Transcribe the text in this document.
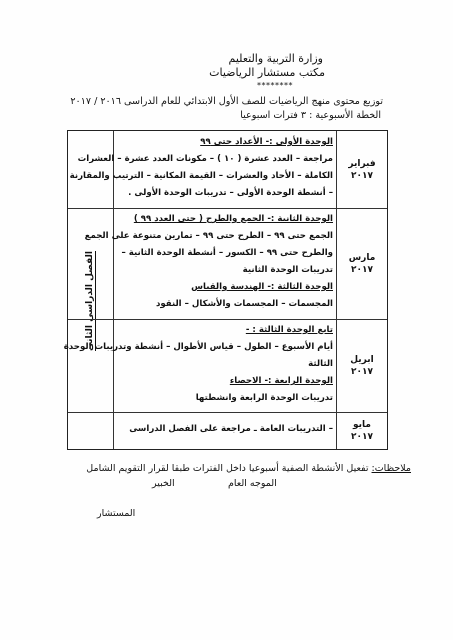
وزارة التربية والتعليم
مكتب مستشار الرياضيات
********
توزيع محتوى منهج الرياضيات للصف الأول الابتدائي للعام الدراسى ٢٠١٦ / ٢٠١٧
الخطة الأسبوعية : ٣ فترات اسبوعيا
الفصل الدراسى الثانى
فبراير
٢٠١٧
الوحدة الأولى :- الأعداد حتى ٩٩
مراجعة – العدد عشرة ( ١٠ ) – مكونات العدد عشرة – العشرات
الكاملة – الأحاد والعشرات – القيمة المكانية – الترتيب والمقارنة
– أنشطة الوحدة الأولى – تدريبات الوحدة الأولى .
مارس
٢٠١٧
الوحدة الثانية :- الجمع والطرح ( حتى العدد ٩٩ )
الجمع حتى ٩٩ – الطرح حتى ٩٩ – تمارين متنوعة على الجمع
والطرح حتى ٩٩ – الكسور – أنشطة الوحدة الثانية –
تدريبات الوحدة الثانية
الوحدة الثالثة :- الهندسة والقياس
المجسمات – المجسمات والأشكال – النقود
ابريل
٢٠١٧
تابع الوحدة الثالثة : -
أيام الأسبوع – الطول – قياس الأطوال – أنشطة وتدريبات الوحدة
الثالثة
الوحدة الرابعة :- الاحصاء
تدريبات الوحدة الرابعة وانشطتها
مايو
٢٠١٧
– التدريبات العامة ـ مراجعة على الفصل الدراسى
ملاحظات: تفعيل الأنشطة الصفية أسبوعيا داخل الفترات طبقا لقرار التقويم الشامل
الخبير	الموجه العام
المستشار
